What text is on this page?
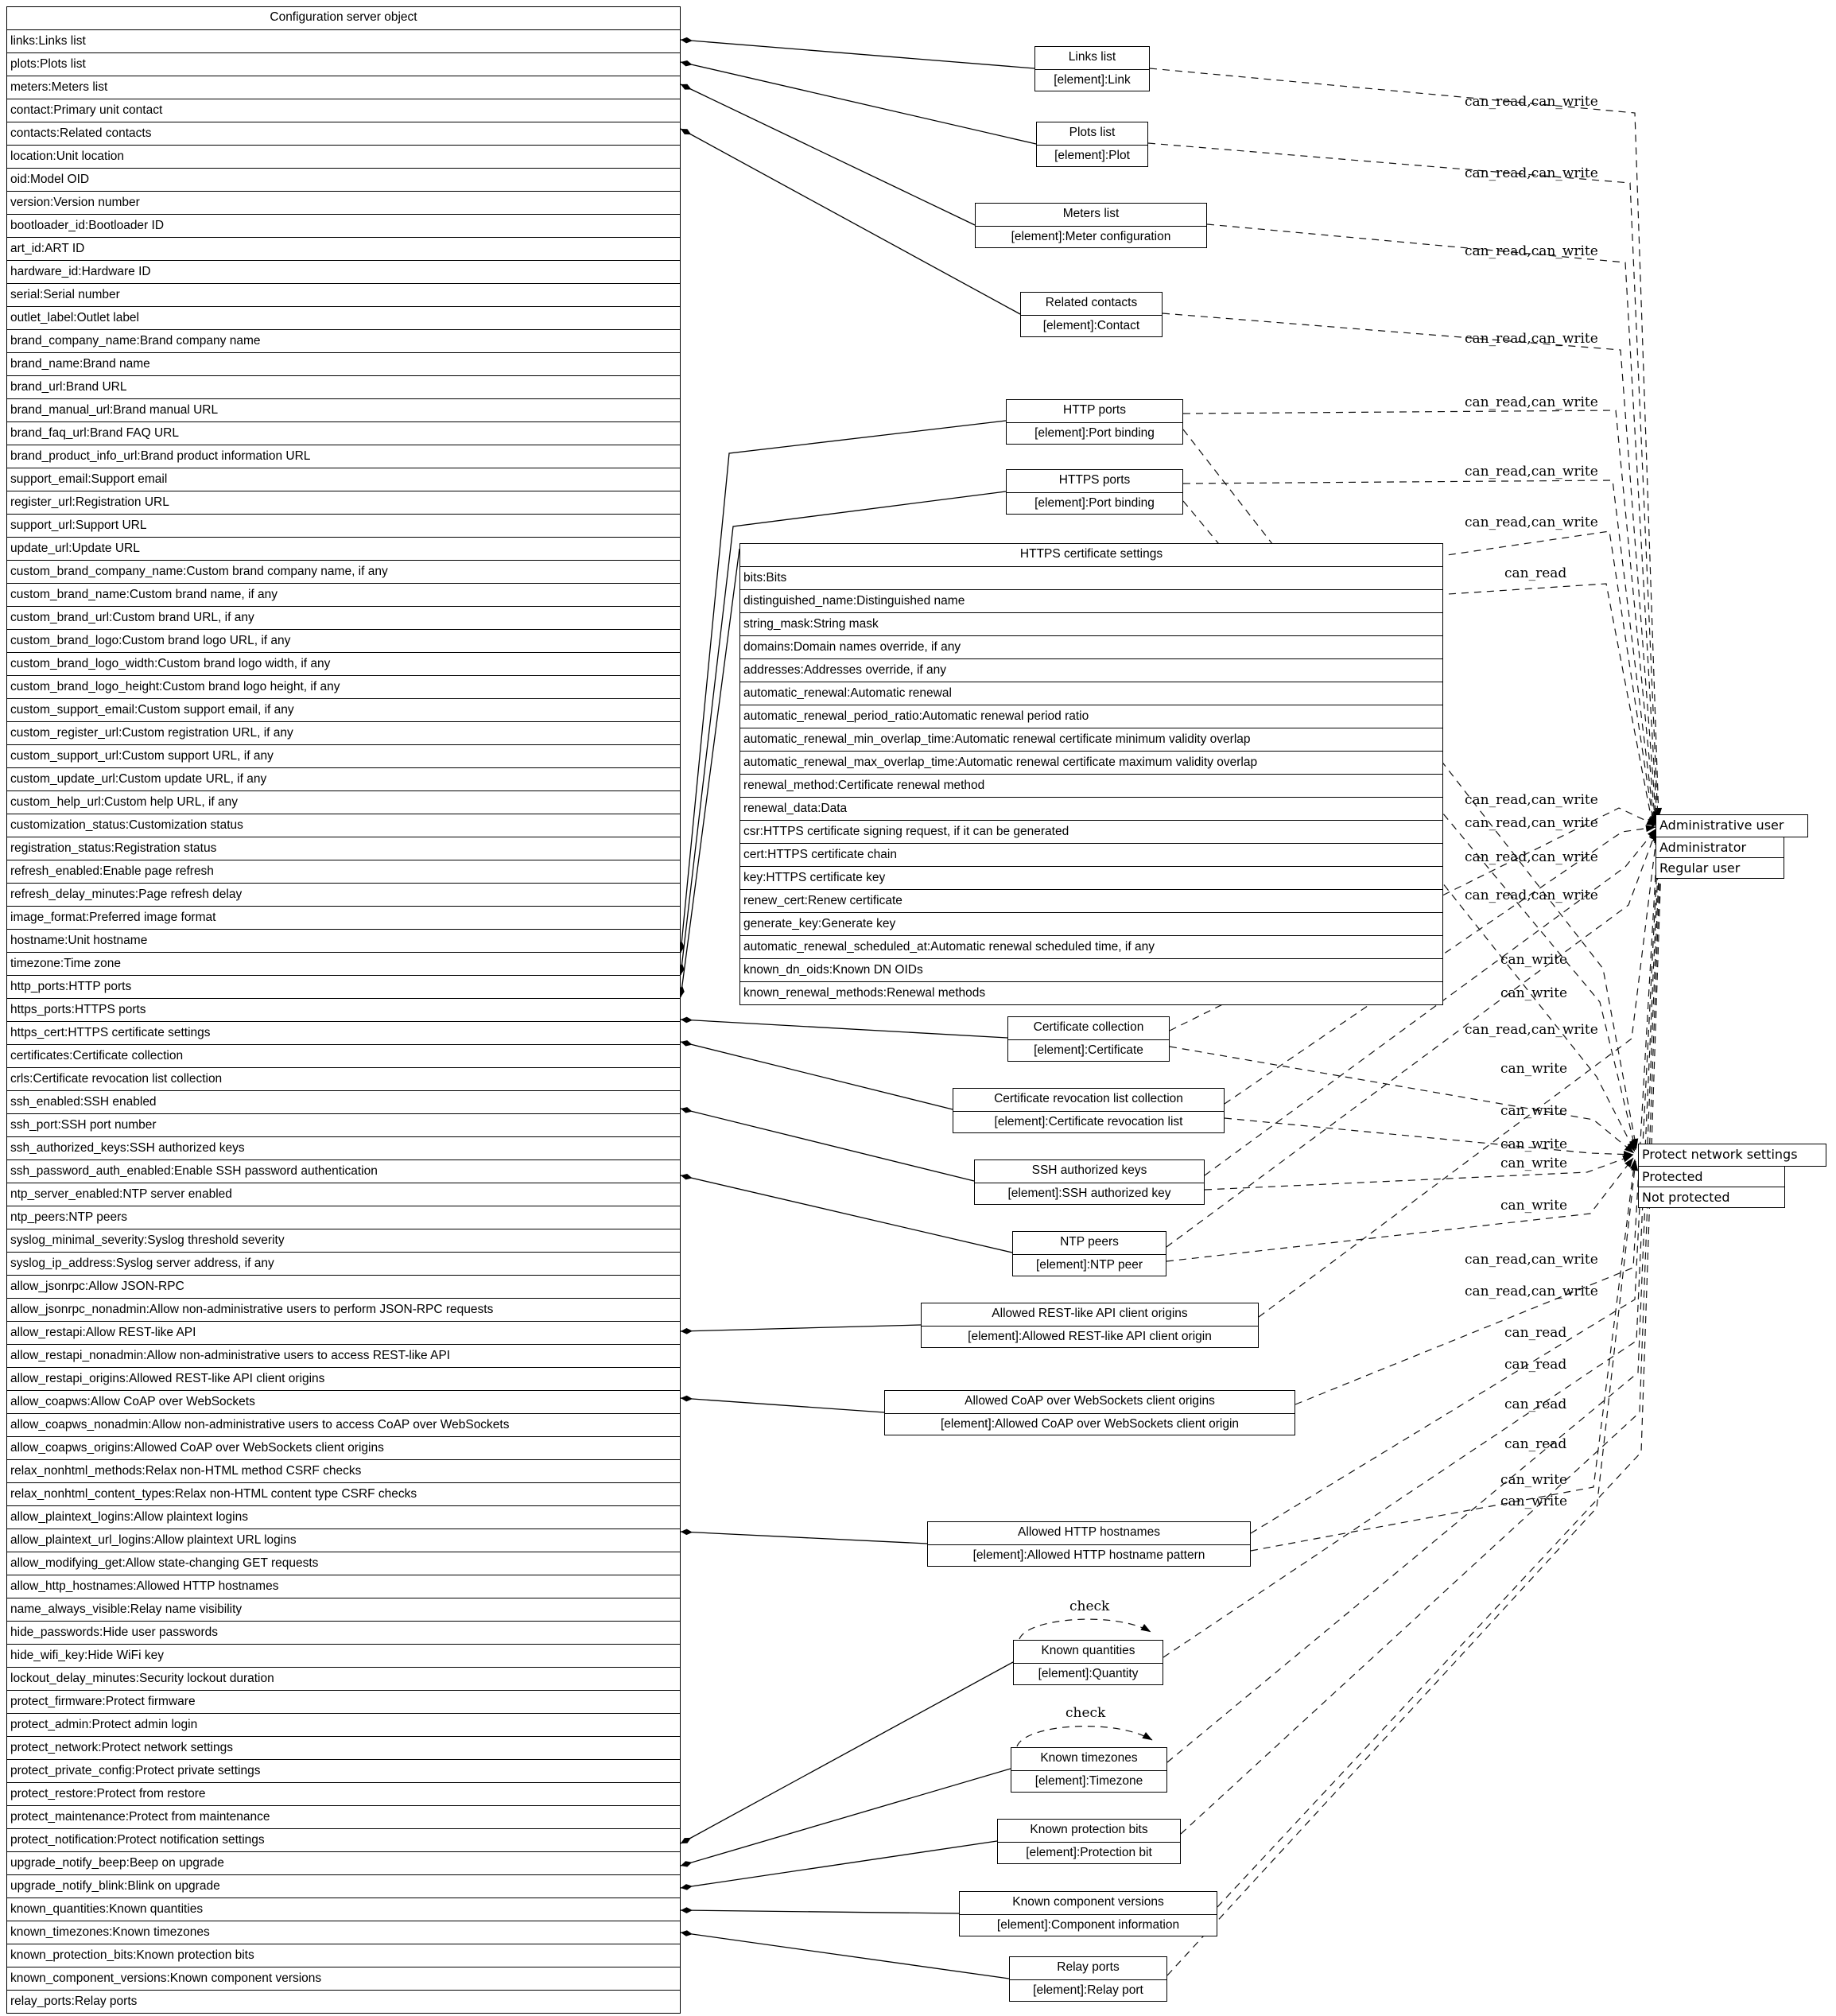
Configuration server object
links:Links list
plots:Plots list
meters:Meters list
contact:Primary unit contact
contacts:Related contacts
location:Unit location
oid:Model OID
version:Version number
bootloader_id:Bootloader ID
art_id:ART ID
hardware_id:Hardware ID
serial:Serial number
outlet_label:Outlet label
brand_company_name:Brand company name
brand_name:Brand name
brand_url:Brand URL
brand_manual_url:Brand manual URL
brand_faq_url:Brand FAQ URL
brand_product_info_url:Brand product information URL
support_email:Support email
register_url:Registration URL
support_url:Support URL
update_url:Update URL
custom_brand_company_name:Custom brand company name, if any
custom_brand_name:Custom brand name, if any
custom_brand_url:Custom brand URL, if any
custom_brand_logo:Custom brand logo URL, if any
custom_brand_logo_width:Custom brand logo width, if any
custom_brand_logo_height:Custom brand logo height, if any
custom_support_email:Custom support email, if any
custom_register_url:Custom registration URL, if any
custom_support_url:Custom support URL, if any
custom_update_url:Custom update URL, if any
custom_help_url:Custom help URL, if any
customization_status:Customization status
registration_status:Registration status
refresh_enabled:Enable page refresh
refresh_delay_minutes:Page refresh delay
image_format:Preferred image format
hostname:Unit hostname
timezone:Time zone
http_ports:HTTP ports
https_ports:HTTPS ports
https_cert:HTTPS certificate settings
certificates:Certificate collection
crls:Certificate revocation list collection
ssh_enabled:SSH enabled
ssh_port:SSH port number
ssh_authorized_keys:SSH authorized keys
ssh_password_auth_enabled:Enable SSH password authentication
ntp_server_enabled:NTP server enabled
ntp_peers:NTP peers
syslog_minimal_severity:Syslog threshold severity
syslog_ip_address:Syslog server address, if any
allow_jsonrpc:Allow JSON-RPC
allow_jsonrpc_nonadmin:Allow non-administrative users to perform JSON-RPC requests
allow_restapi:Allow REST-like API
allow_restapi_nonadmin:Allow non-administrative users to access REST-like API
allow_restapi_origins:Allowed REST-like API client origins
allow_coapws:Allow CoAP over WebSockets
allow_coapws_nonadmin:Allow non-administrative users to access CoAP over WebSockets
allow_coapws_origins:Allowed CoAP over WebSockets client origins
relax_nonhtml_methods:Relax non-HTML method CSRF checks
relax_nonhtml_content_types:Relax non-HTML content type CSRF checks
allow_plaintext_logins:Allow plaintext logins
allow_plaintext_url_logins:Allow plaintext URL logins
allow_modifying_get:Allow state-changing GET requests
allow_http_hostnames:Allowed HTTP hostnames
name_always_visible:Relay name visibility
hide_passwords:Hide user passwords
hide_wifi_key:Hide WiFi key
lockout_delay_minutes:Security lockout duration
protect_firmware:Protect firmware
protect_admin:Protect admin login
protect_network:Protect network settings
protect_private_config:Protect private settings
protect_restore:Protect from restore
protect_maintenance:Protect from maintenance
protect_notification:Protect notification settings
upgrade_notify_beep:Beep on upgrade
upgrade_notify_blink:Blink on upgrade
known_quantities:Known quantities
known_timezones:Known timezones
known_protection_bits:Known protection bits
known_component_versions:Known component versions
relay_ports:Relay ports
HTTPS certificate settings
bits:Bits
distinguished_name:Distinguished name
string_mask:String mask
domains:Domain names override, if any
addresses:Addresses override, if any
automatic_renewal:Automatic renewal
automatic_renewal_period_ratio:Automatic renewal period ratio
automatic_renewal_min_overlap_time:Automatic renewal certificate minimum validity overlap
automatic_renewal_max_overlap_time:Automatic renewal certificate maximum validity overlap
renewal_method:Certificate renewal method
renewal_data:Data
csr:HTTPS certificate signing request, if it can be generated
cert:HTTPS certificate chain
key:HTTPS certificate key
renew_cert:Renew certificate
generate_key:Generate key
automatic_renewal_scheduled_at:Automatic renewal scheduled time, if any
known_dn_oids:Known DN OIDs
known_renewal_methods:Renewal methods
Links list
[element]:Link
Plots list
[element]:Plot
Meters list
[element]:Meter configuration
Related contacts
[element]:Contact
HTTP ports
[element]:Port binding
HTTPS ports
[element]:Port binding
Certificate collection
[element]:Certificate
Certificate revocation list collection
[element]:Certificate revocation list
SSH authorized keys
[element]:SSH authorized key
NTP peers
[element]:NTP peer
Allowed REST-like API client origins
[element]:Allowed REST-like API client origin
Allowed CoAP over WebSockets client origins
[element]:Allowed CoAP over WebSockets client origin
Allowed HTTP hostnames
[element]:Allowed HTTP hostname pattern
Known quantities
[element]:Quantity
Known timezones
[element]:Timezone
Known protection bits
[element]:Protection bit
Known component versions
[element]:Component information
Relay ports
[element]:Relay port
Administrative user
Administrator
Regular user
Protect network settings
Protected
Not protected
can_read,can_write
can_read,can_write
can_read,can_write
can_read,can_write
can_read,can_write
can_read,can_write
can_read,can_write
can_read
can_read,can_write
can_read,can_write
can_read,can_write
can_read,can_write
can_write
can_write
can_read,can_write
can_write
can_write
can_write
can_write
can_write
can_read,can_write
can_read,can_write
can_read
can_read
can_read
can_read
can_write
can_write
check
check
